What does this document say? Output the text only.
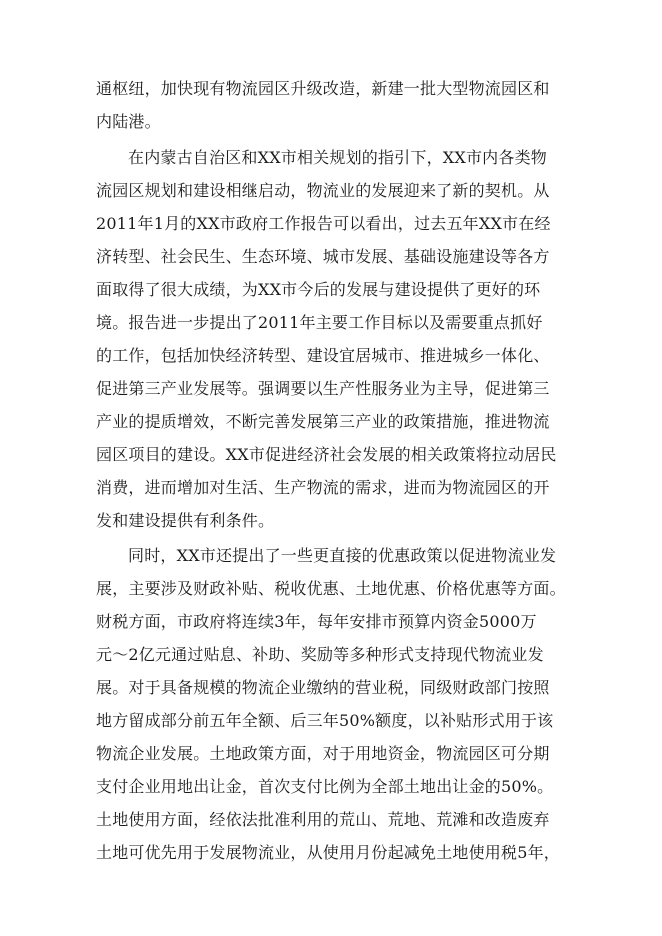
通枢纽，加快现有物流园区升级改造，新建一批大型物流园区和
内陆港。
在内蒙古自治区和XX市相关规划的指引下，XX市内各类物
流园区规划和建设相继启动，物流业的发展迎来了新的契机。从
2011年1月的XX市政府工作报告可以看出，过去五年XX市在经
济转型、社会民生、生态环境、城市发展、基础设施建设等各方
面取得了很大成绩，为XX市今后的发展与建设提供了更好的环
境。报告进一步提出了2011年主要工作目标以及需要重点抓好
的工作，包括加快经济转型、建设宜居城市、推进城乡一体化、
促进第三产业发展等。强调要以生产性服务业为主导，促进第三
产业的提质增效，不断完善发展第三产业的政策措施，推进物流
园区项目的建设。XX市促进经济社会发展的相关政策将拉动居民
消费，进而增加对生活、生产物流的需求，进而为物流园区的开
发和建设提供有利条件。
同时，XX市还提出了一些更直接的优惠政策以促进物流业发
展，主要涉及财政补贴、税收优惠、土地优惠、价格优惠等方面。
财税方面，市政府将连续3年，每年安排市预算内资金5000万
元～2亿元通过贴息、补助、奖励等多种形式支持现代物流业发
展。对于具备规模的物流企业缴纳的营业税，同级财政部门按照
地方留成部分前五年全额、后三年50%额度，以补贴形式用于该
物流企业发展。土地政策方面，对于用地资金，物流园区可分期
支付企业用地出让金，首次支付比例为全部土地出让金的50%。
土地使用方面，经依法批准利用的荒山、荒地、荒滩和改造废弃
土地可优先用于发展物流业，从使用月份起减免土地使用税5年，
